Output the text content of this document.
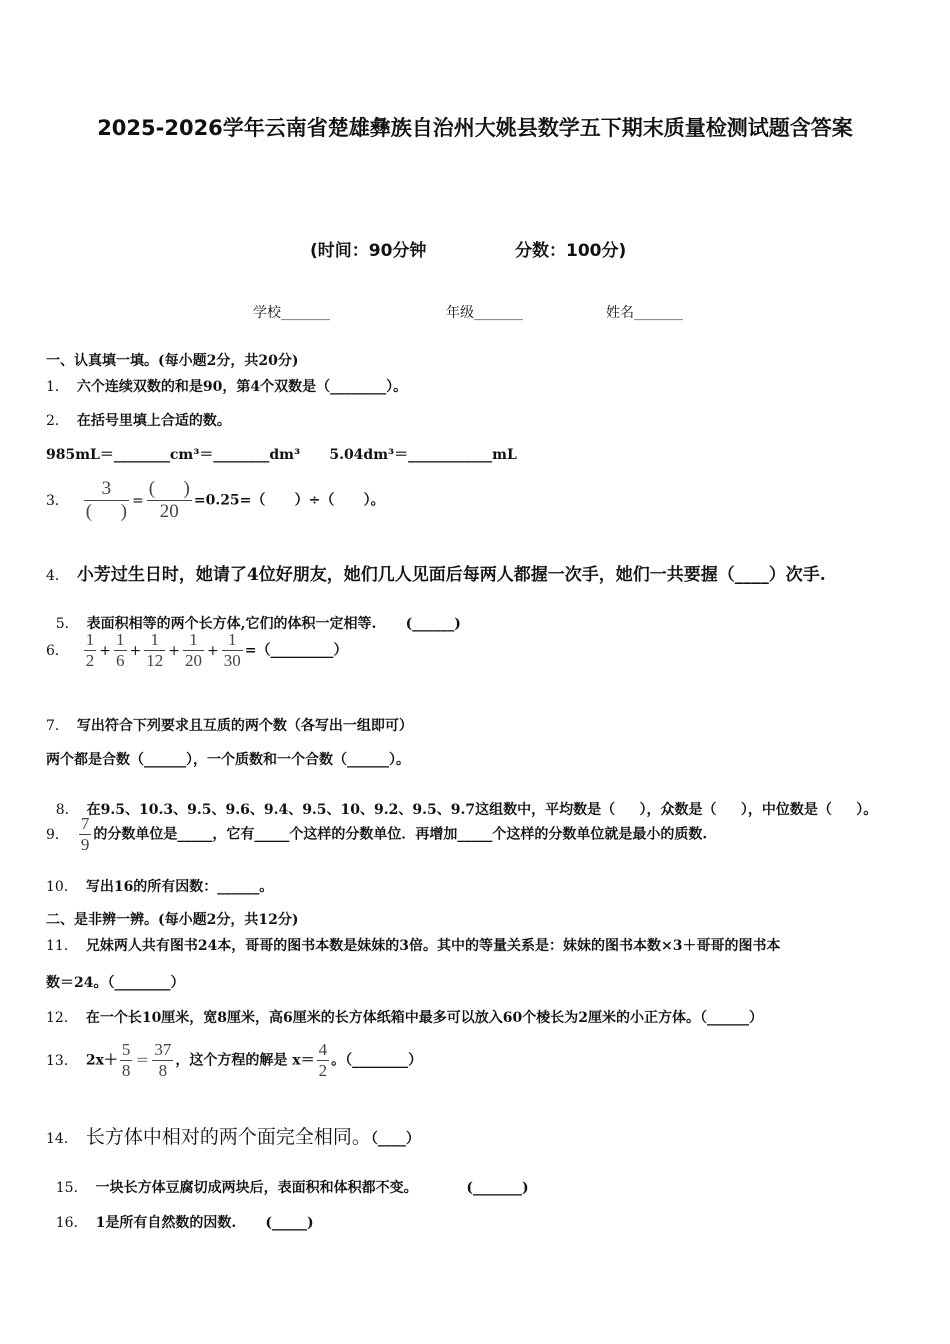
2025-2026学年云南省楚雄彝族自治州大姚县数学五下期末质量检测试题含答案
(时间：90分钟	分数：100分)
学校_______	年级_______	姓名_______
一、认真填一填。(每小题2分，共20分)
1． 六个连续双数的和是90，第4个双数是（________）。
2． 在括号里填上合适的数。
985mL＝________cm³＝________dm³      5.04dm³＝____________mL
3． $\frac{3}{( )} = \frac{( )}{20} =0.25=$（      ）÷（      ）。
4． 小芳过生日时，她请了4位好朋友，她们几人见面后每两人都握一次手，她们一共要握（____）次手.

5． 表面积相等的两个长方体,它们的体积一定相等.      (______)

6． $\frac{1}{2} + \frac{1}{6} + \frac{1}{12} + \frac{1}{20} + \frac{1}{30}$ =（_________）
7． 写出符合下列要求且互质的两个数（各写出一组即可）
两个都是合数（______），一个质数和一个合数（______）。

8． 在9.5、10.3、9.5、9.6、9.4、9.5、10、9.2、9.5、9.7这组数中，平均数是（     ），众数是（     ），中位数是（     ）。

9． $\frac{7}{9}$ 的分数单位是_____，它有_____个这样的分数单位．再增加_____个这样的分数单位就是最小的质数.
10． 写出16的所有因数：______。
二、是非辨一辨。(每小题2分，共12分)
11． 兄妹两人共有图书24本，哥哥的图书本数是妹妹的3倍。其中的等量关系是：妹妹的图书本数×3＋哥哥的图书本
数＝24。（________）
12． 在一个长10厘米，宽8厘米，高6厘米的长方体纸箱中最多可以放入60个棱长为2厘米的小正方体。（______）
13． $2x+ \frac{5}{8} = \frac{37}{8}$ ，这个方程的解是 $x= \frac{4}{2}$ 。（________）
14． 长方体中相对的两个面完全相同。（____）

15． 一块长方体豆腐切成两块后，表面积和体积都不变。          (_______)

16． 1是所有自然数的因数.      (_____)
